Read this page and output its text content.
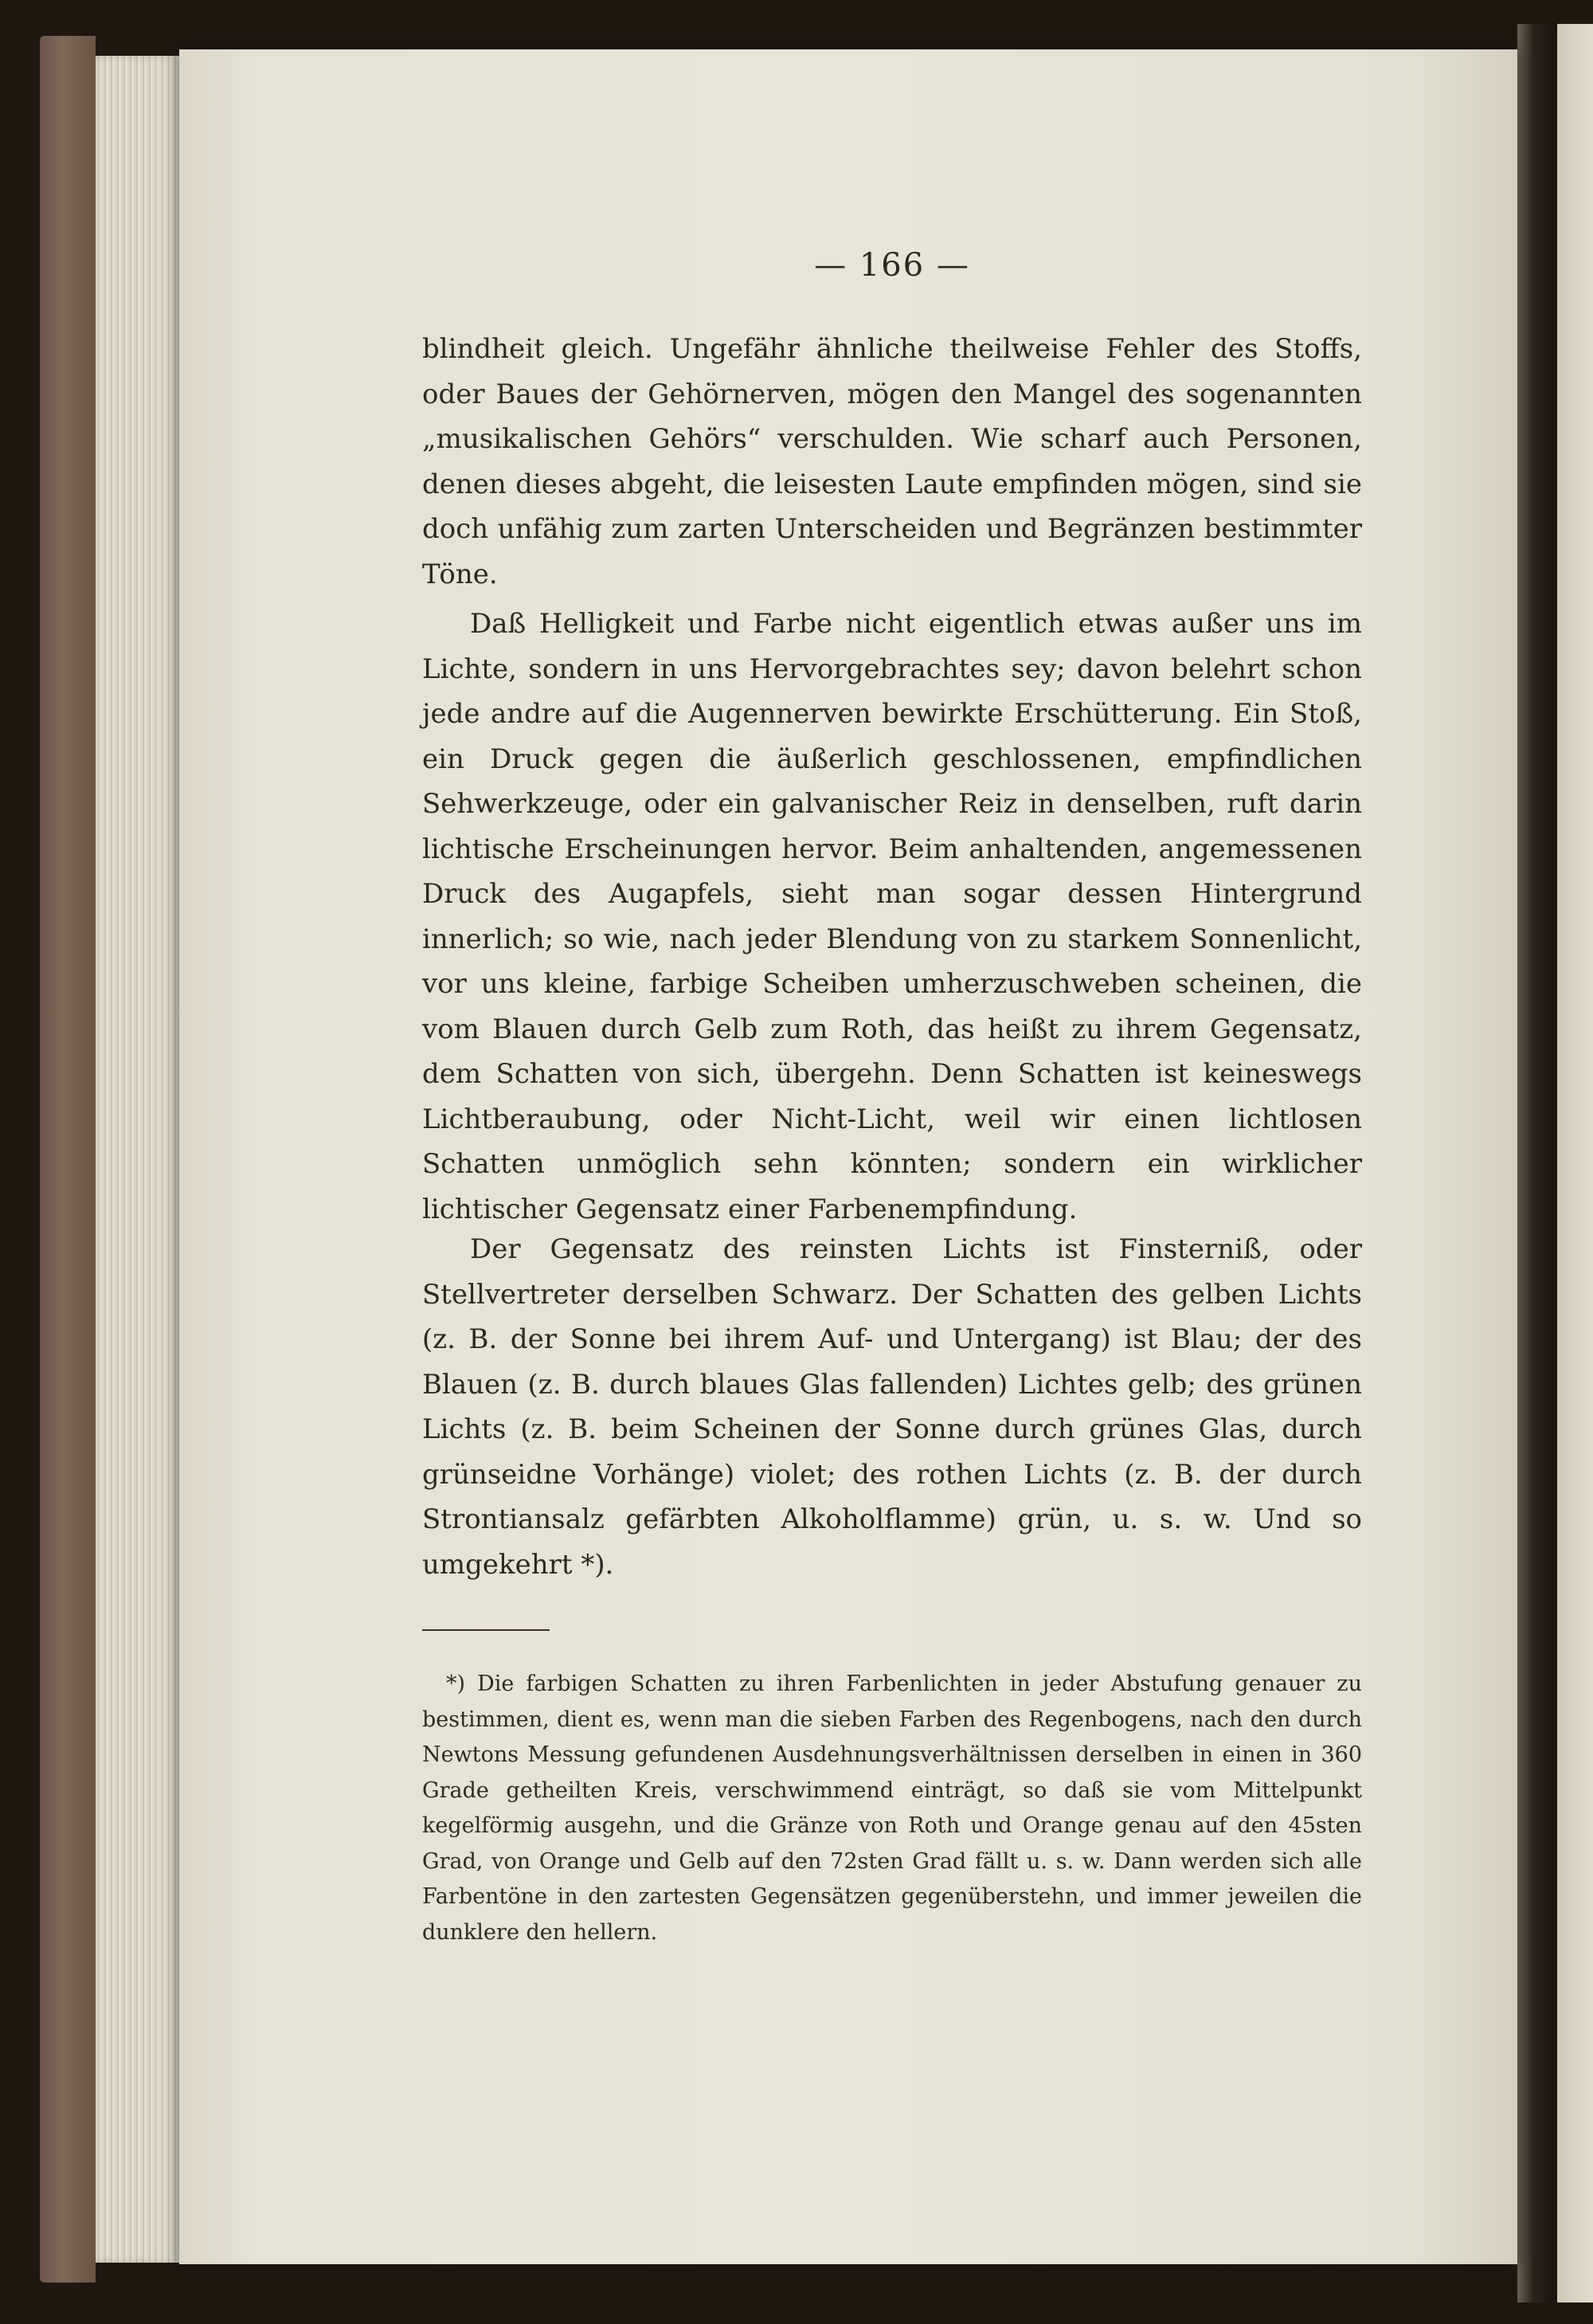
— 166 —

blindheit gleich. Ungefähr ähnliche theilweise Fehler des Stoffs, oder Baues der Gehörnerven, mögen den Mangel des sogenannten „musikalischen Gehörs“ verschulden. Wie scharf auch Personen, denen dieses abgeht, die leisesten Laute empfinden mögen, sind sie doch unfähig zum zarten Unterscheiden und Begränzen bestimmter Töne.

Daß Helligkeit und Farbe nicht eigentlich etwas außer uns im Lichte, sondern in uns Hervorgebrachtes sey; davon belehrt schon jede andre auf die Augennerven bewirkte Erschütterung. Ein Stoß, ein Druck gegen die äußerlich geschlossenen, empfindlichen Sehwerkzeuge, oder ein galvanischer Reiz in denselben, ruft darin lichtische Erscheinungen hervor. Beim anhaltenden, angemessenen Druck des Augapfels, sieht man sogar dessen Hintergrund innerlich; so wie, nach jeder Blendung von zu starkem Sonnenlicht, vor uns kleine, farbige Scheiben umherzuschweben scheinen, die vom Blauen durch Gelb zum Roth, das heißt zu ihrem Gegensatz, dem Schatten von sich, übergehn. Denn Schatten ist keineswegs Lichtberaubung, oder Nicht-Licht, weil wir einen lichtlosen Schatten unmöglich sehn könnten; sondern ein wirklicher lichtischer Gegensatz einer Farbenempfindung.

Der Gegensatz des reinsten Lichts ist Finsterniß, oder Stellvertreter derselben Schwarz. Der Schatten des gelben Lichts (z. B. der Sonne bei ihrem Auf- und Untergang) ist Blau; der des Blauen (z. B. durch blaues Glas fallenden) Lichtes gelb; des grünen Lichts (z. B. beim Scheinen der Sonne durch grünes Glas, durch grünseidne Vorhänge) violet; des rothen Lichts (z. B. der durch Strontiansalz gefärbten Alkoholflamme) grün, u. s. w. Und so umgekehrt *).

*) Die farbigen Schatten zu ihren Farbenlichten in jeder Abstufung genauer zu bestimmen, dient es, wenn man die sieben Farben des Regenbogens, nach den durch Newtons Messung gefundenen Ausdehnungsverhältnissen derselben in einen in 360 Grade getheilten Kreis, verschwimmend einträgt, so daß sie vom Mittelpunkt kegelförmig ausgehn, und die Gränze von Roth und Orange genau auf den 45sten Grad, von Orange und Gelb auf den 72sten Grad fällt u. s. w. Dann werden sich alle Farbentöne in den zartesten Gegensätzen gegenüberstehn, und immer jeweilen die dunklere den hellern.
